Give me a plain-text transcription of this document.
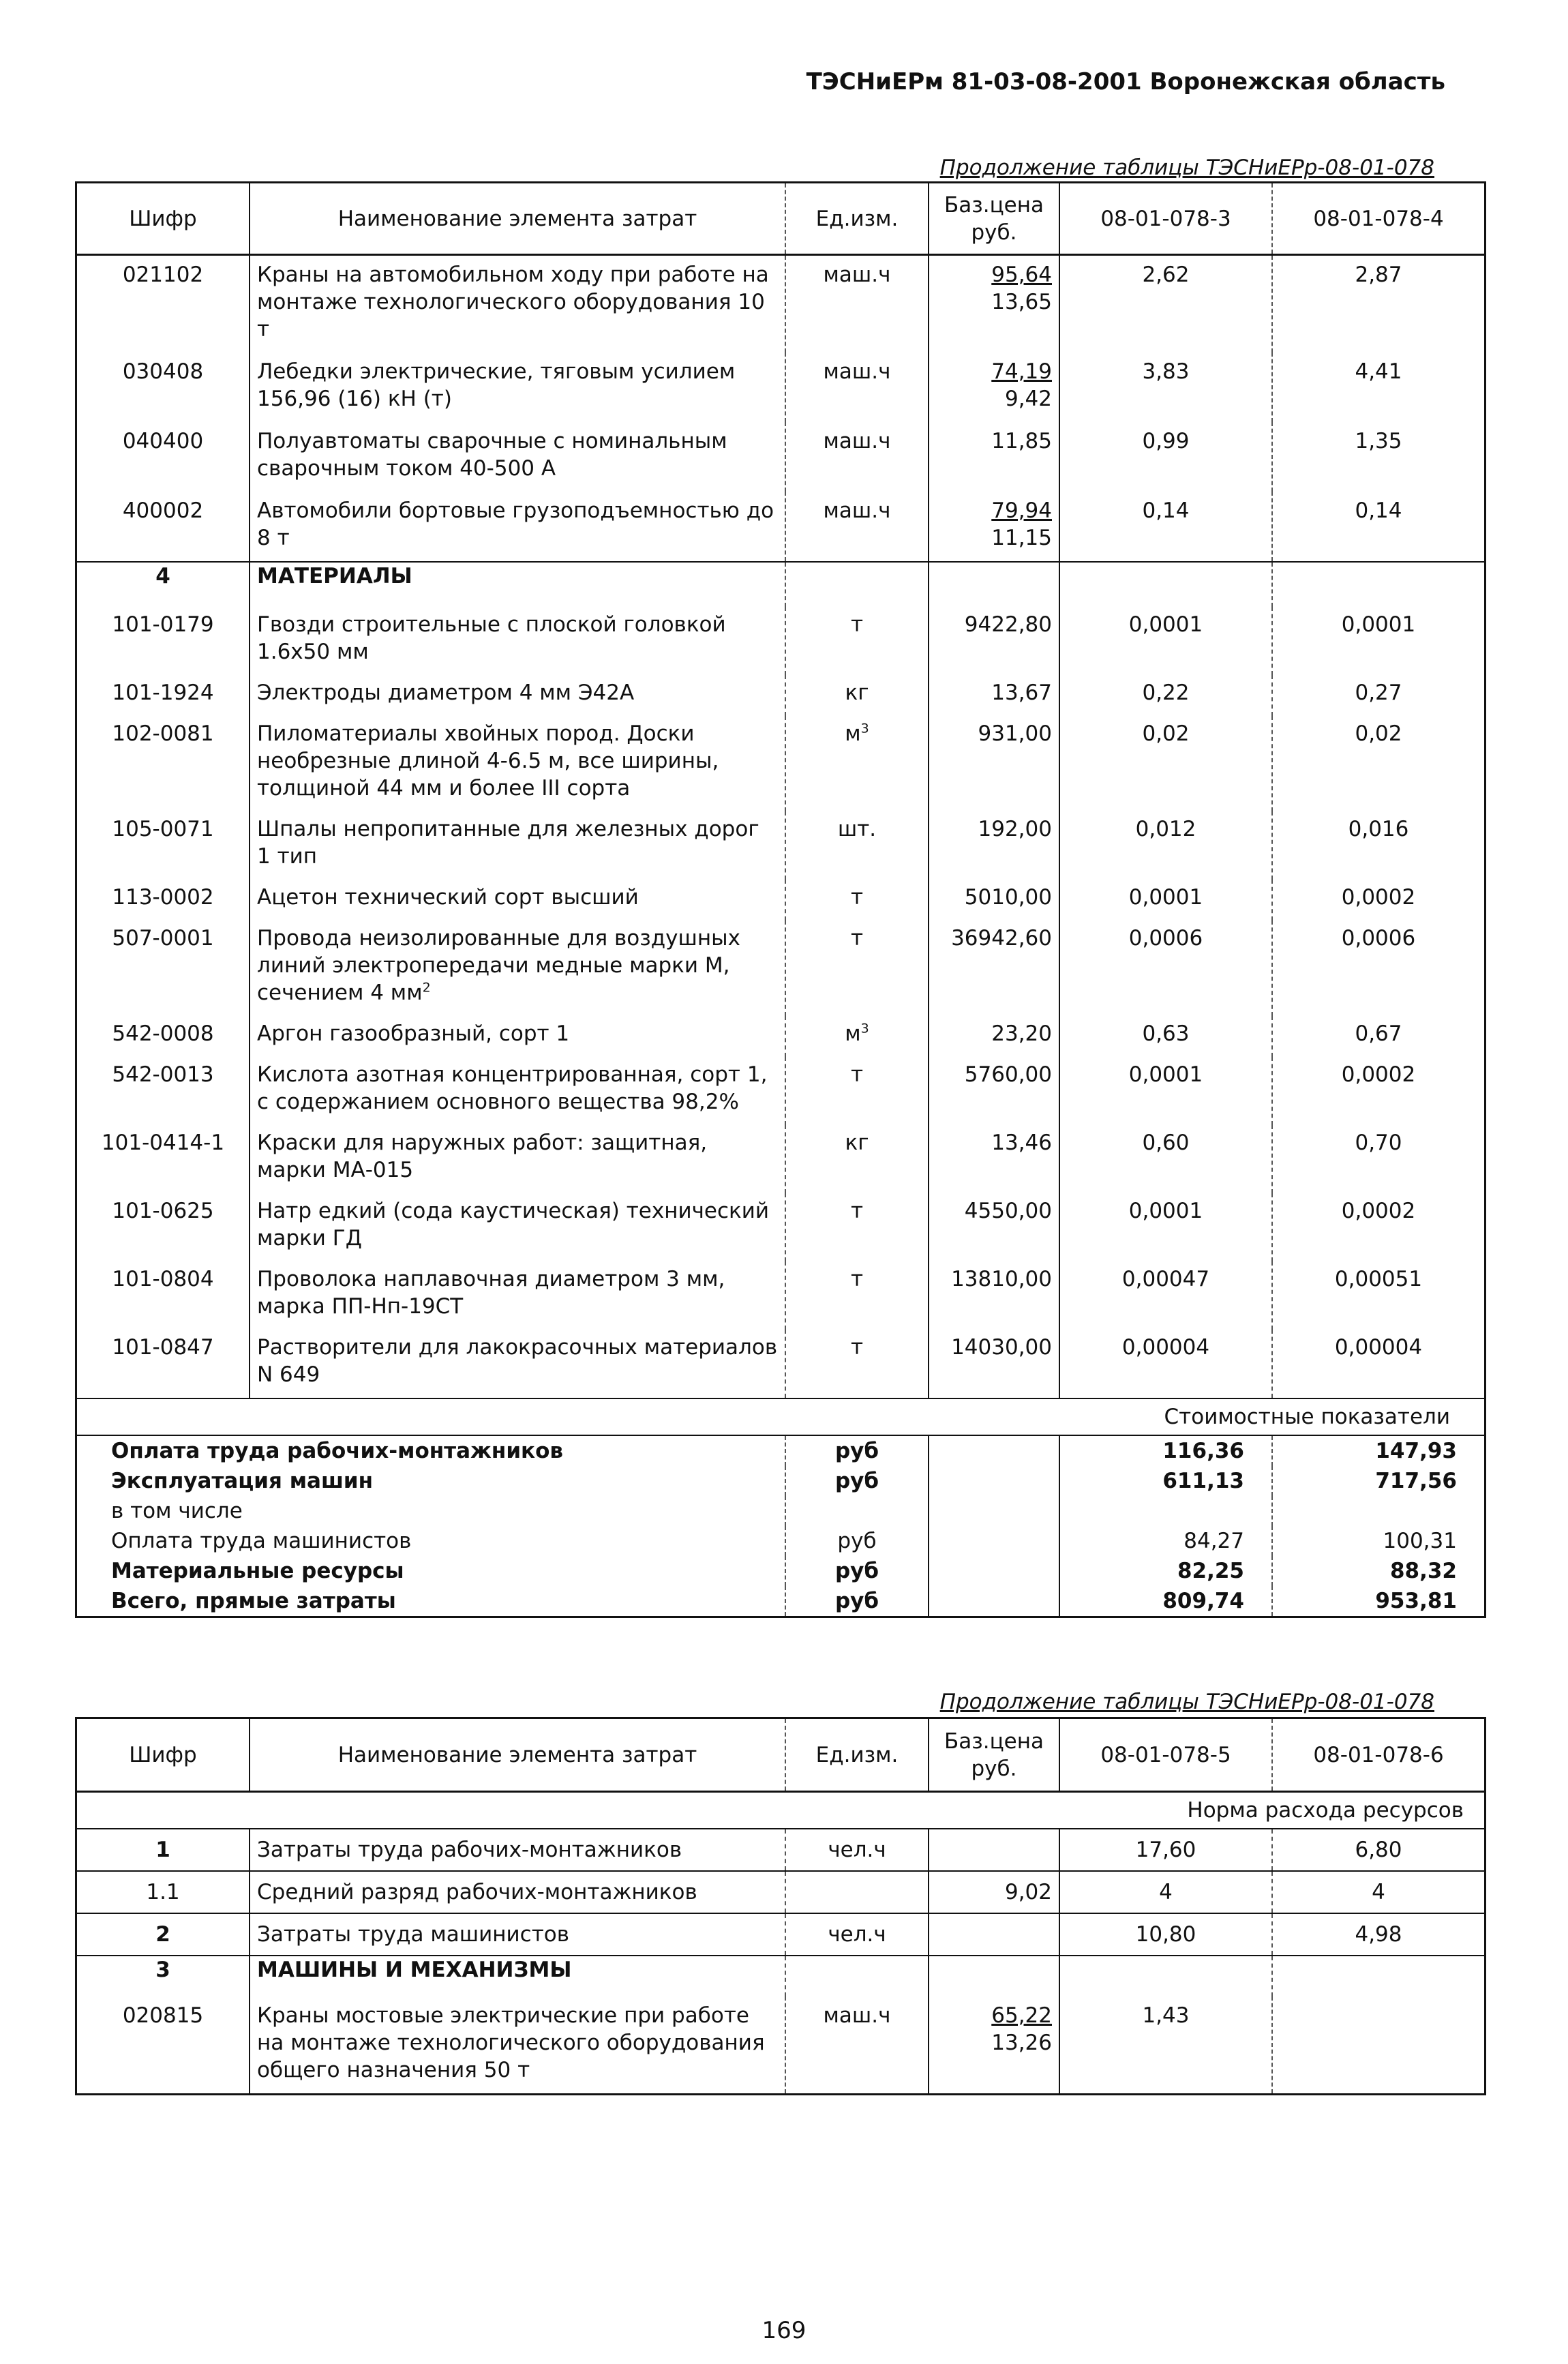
ТЭСНиЕРм 81-03-08-2001 Воронежская область
Продолжение таблицы ТЭСНиЕРр-08-01-078
Шифр	Наименование элемента затрат	Ед.изм.	Баз.цена руб.	08-01-078-3	08-01-078-4
021102	Краны на автомобильном ходу при работе на монтаже технологического оборудования 10 т	маш.ч	$\frac{95,64}{13,65}$	2,62	2,87
030408	Лебедки электрические, тяговым усилием 156,96 (16) кН (т)	маш.ч	$\frac{74,19}{9,42}$	3,83	4,41
040400	Полуавтоматы сварочные с номинальным сварочным током 40-500 А	маш.ч	11,85	0,99	1,35
400002	Автомобили бортовые грузоподъемностью до 8 т	маш.ч	$\frac{79,94}{11,15}$	0,14	0,14
4	МАТЕРИАЛЫ				
101-0179	Гвозди строительные с плоской головкой 1.6х50 мм	т	9422,80	0,0001	0,0001
101-1924	Электроды диаметром 4 мм Э42А	кг	13,67	0,22	0,27
102-0081	Пиломатериалы хвойных пород. Доски необрезные длиной 4-6.5 м, все ширины, толщиной 44 мм и более III сорта	$м^3$	931,00	0,02	0,02
105-0071	Шпалы непропитанные для железных дорог 1 тип	шт.	192,00	0,012	0,016
113-0002	Ацетон технический сорт высший	т	5010,00	0,0001	0,0002
507-0001	Провода неизолированные для воздушных линий электропередачи медные марки М, сечением 4 $мм^2$	т	36942,60	0,0006	0,0006
542-0008	Аргон газообразный, сорт 1	$м^3$	23,20	0,63	0,67
542-0013	Кислота азотная концентрированная, сорт 1, с содержанием основного вещества 98,2%	т	5760,00	0,0001	0,0002
101-0414-1	Краски для наружных работ: защитная, марки МА-015	кг	13,46	0,60	0,70
101-0625	Натр едкий (сода каустическая) технический марки ГД	т	4550,00	0,0001	0,0002
101-0804	Проволока наплавочная диаметром 3 мм, марка ПП-Нп-19СТ	т	13810,00	0,00047	0,00051
101-0847	Растворители для лакокрасочных материалов N 649	т	14030,00	0,00004	0,00004
Стоимостные показатели					
Оплата труда рабочих-монтажников		руб		116,36	147,93
Эксплуатация машин		руб		611,13	717,56
в том числе					
Оплата труда машинистов		руб		84,27	100,31
Материальные ресурсы		руб		82,25	88,32
Всего, прямые затраты		руб		809,74	953,81
Продолжение таблицы ТЭСНиЕРр-08-01-078
Шифр	Наименование элемента затрат	Ед.изм.	Баз.цена руб.	08-01-078-5	08-01-078-6
Норма расхода ресурсов					
1	Затраты труда рабочих-монтажников	чел.ч		17,60	6,80
1.1	Средний разряд рабочих-монтажников		9,02	4	4
2	Затраты труда машинистов	чел.ч		10,80	4,98
3	МАШИНЫ И МЕХАНИЗМЫ				
020815	Краны мостовые электрические при работе на монтаже технологического оборудования общего назначения 50 т	маш.ч	$\frac{65,22}{13,26}$	1,43	
169
